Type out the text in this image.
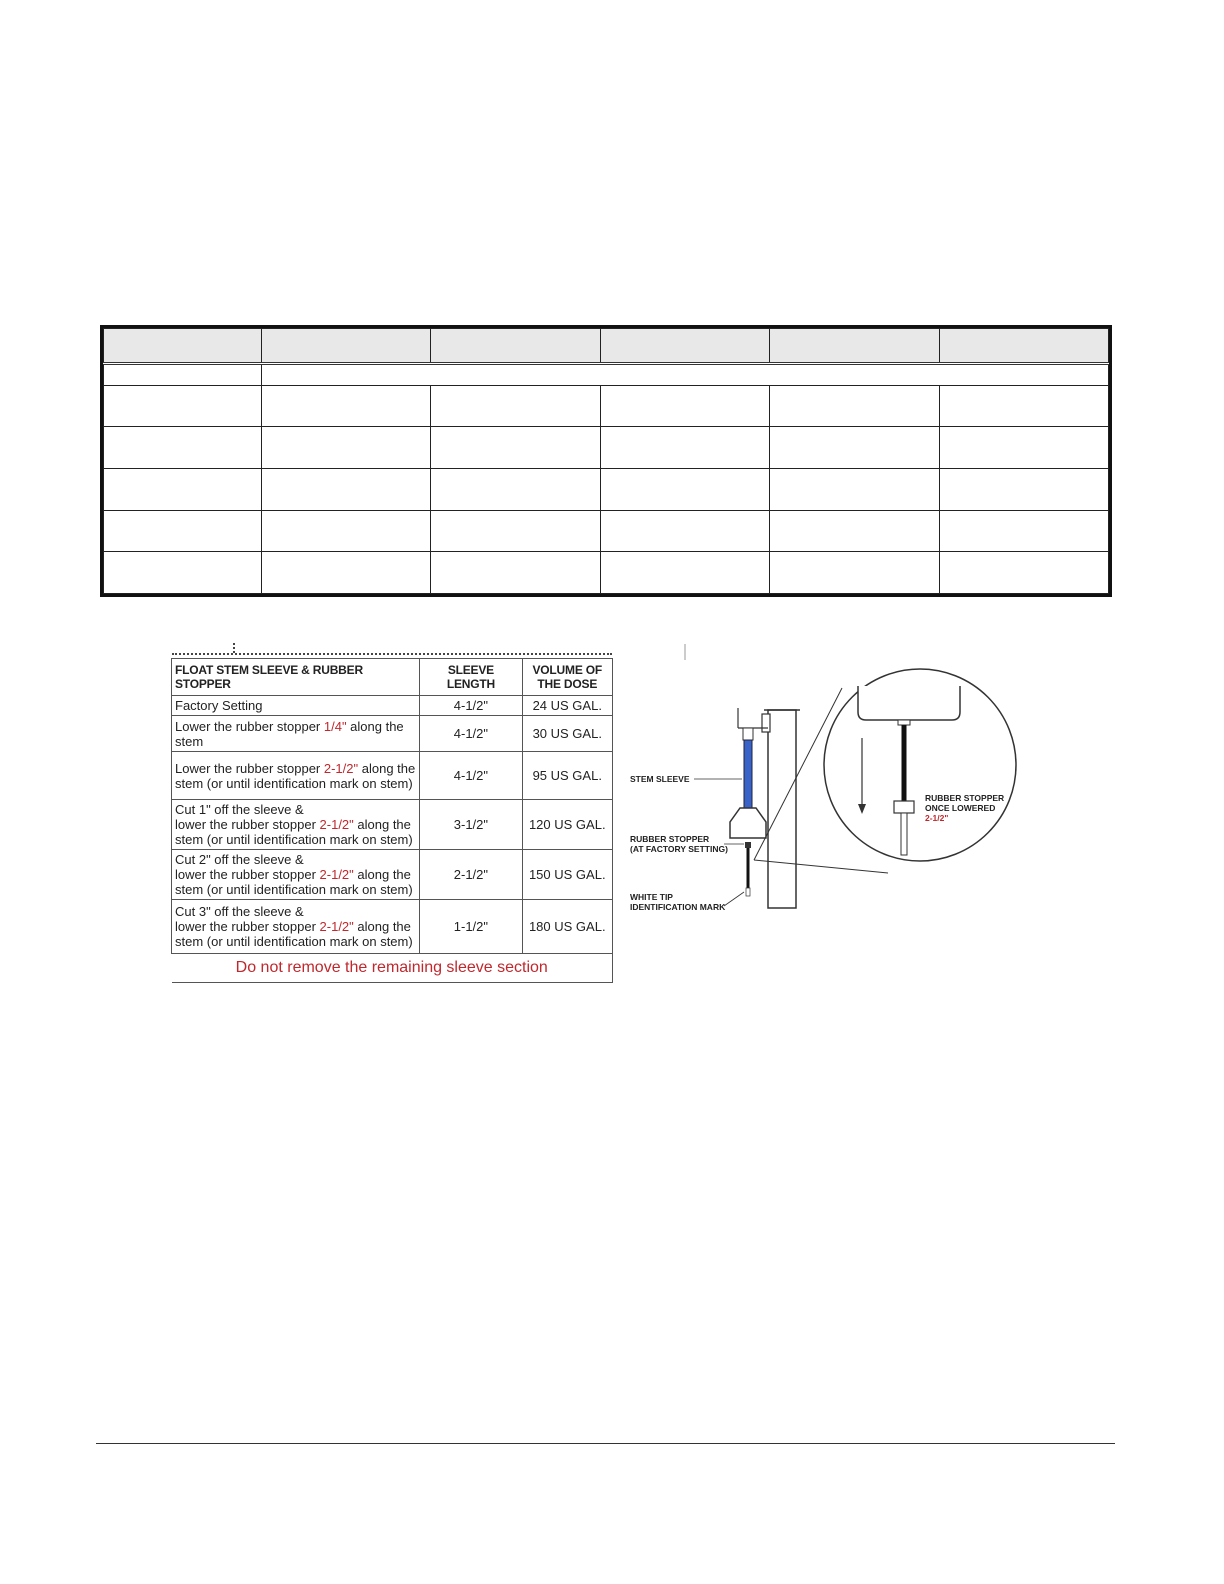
FLOAT STEM SLEEVE & RUBBER STOPPER	SLEEVE LENGTH	VOLUME OF THE DOSE
Factory Setting	4-1/2"	24 US GAL.
Lower the rubber stopper 1/4" along the
stem	4-1/2"	30 US GAL.
Lower the rubber stopper 2-1/2" along the
stem (or until identification mark on stem)	4-1/2"	95 US GAL.
Cut 1" off the sleeve &
lower the rubber stopper 2-1/2" along the
stem (or until identification mark on stem)	3-1/2"	120 US GAL.
Cut 2" off the sleeve &
lower the rubber stopper 2-1/2" along the
stem (or until identification mark on stem)	2-1/2"	150 US GAL.
Cut 3" off the sleeve &
lower the rubber stopper 2-1/2" along the
stem (or until identification mark on stem)	1-1/2"	180 US GAL.
Do not remove the remaining sleeve section		
STEM SLEEVE
RUBBER STOPPER
(AT FACTORY SETTING)
WHITE TIP
IDENTIFICATION MARK
RUBBER STOPPER
ONCE LOWERED
2-1/2"
